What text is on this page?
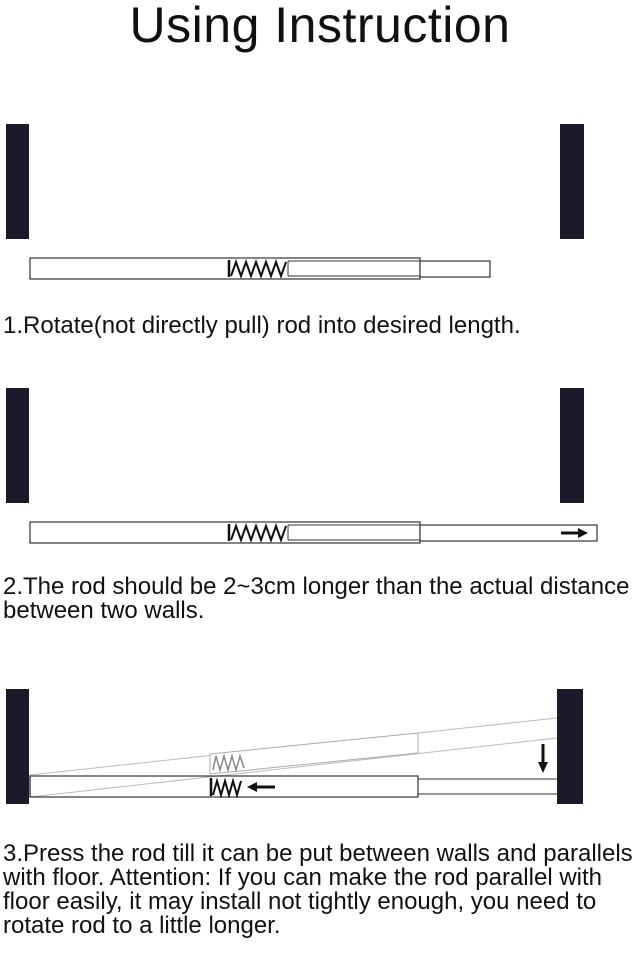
Using Instruction

1.Rotate(not directly pull) rod into desired length.

2.The rod should be 2~3cm longer than the actual distance between two walls.

3.Press the rod till it can be put between walls and parallels with floor. Attention: If you can make the rod parallel with floor easily, it may install not tightly enough, you need to rotate rod to a little longer.
